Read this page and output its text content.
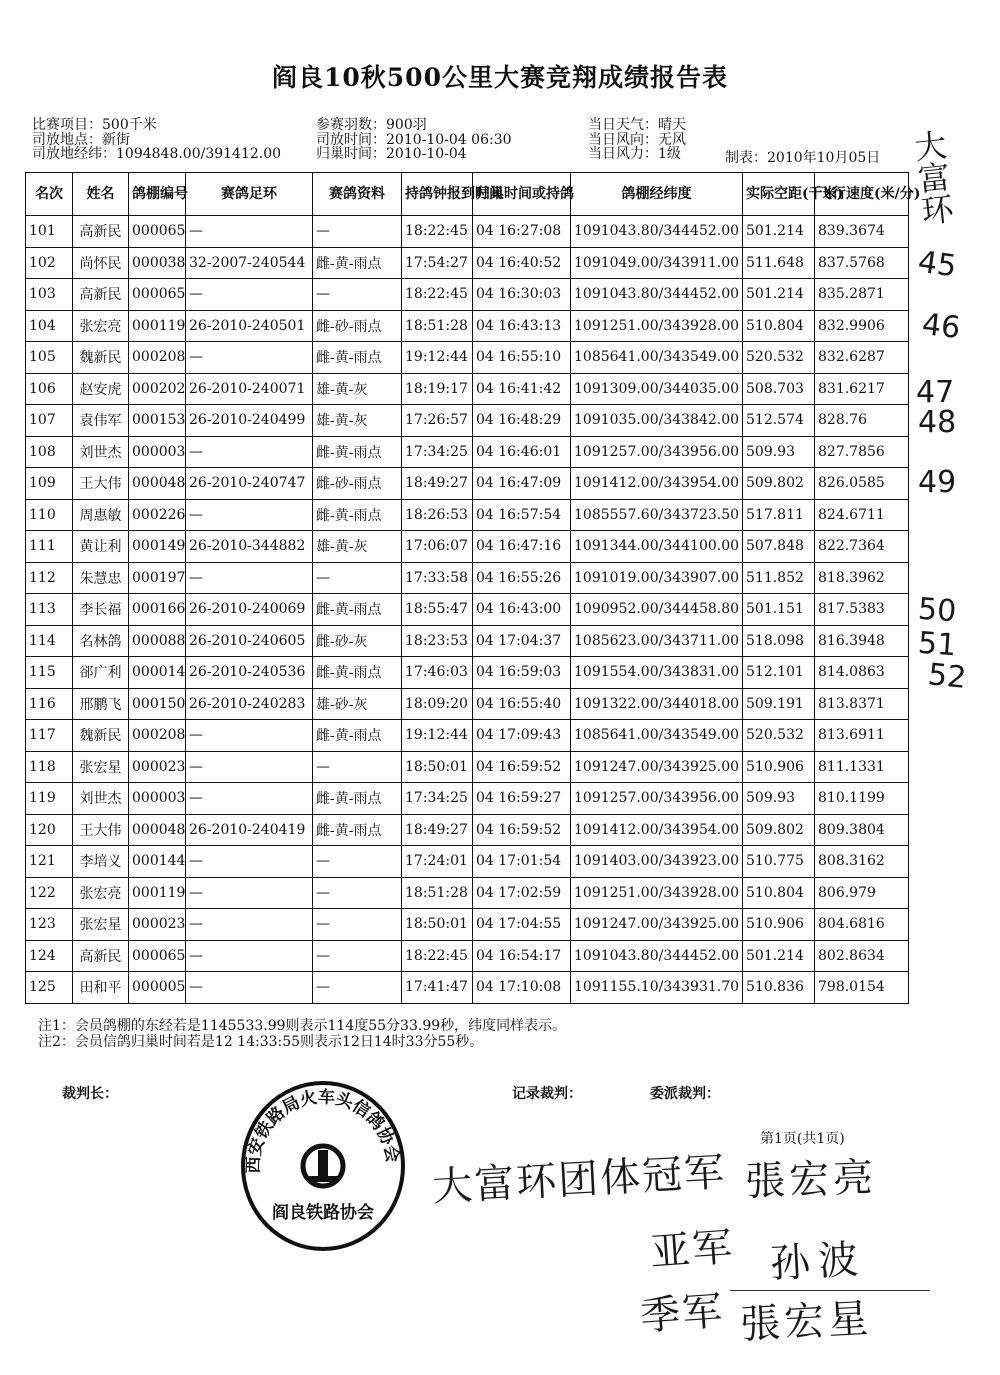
阎良10秋500公里大赛竞翔成绩报告表
比赛项目：500千米
司放地点：新街
司放地经纬：1094848.00/391412.00
参赛羽数：900羽
司放时间：2010-10-04 06:30
归巢时间：2010-10-04
当日天气：晴天
当日风向：无风
当日风力：1级	制表：2010年10月05日
名次	姓名	鸽棚编号	赛鸽足环	赛鸽资料	持鸽钟报到时间	归巢时间或持鸽	鸽棚经纬度	实际空距(千米)	飞行速度(米/分)
101	高新民	000065	—	—	18:22:45	04 16:27:08	1091043.80/344452.00	501.214	839.3674
102	尚怀民	000038	32-2007-240544	雌-黄-雨点	17:54:27	04 16:40:52	1091049.00/343911.00	511.648	837.5768
103	高新民	000065	—	—	18:22:45	04 16:30:03	1091043.80/344452.00	501.214	835.2871
104	张宏亮	000119	26-2010-240501	雌-砂-雨点	18:51:28	04 16:43:13	1091251.00/343928.00	510.804	832.9906
105	魏新民	000208	—	雌-黄-雨点	19:12:44	04 16:55:10	1085641.00/343549.00	520.532	832.6287
106	赵安虎	000202	26-2010-240071	雄-黄-灰	18:19:17	04 16:41:42	1091309.00/344035.00	508.703	831.6217
107	袁伟军	000153	26-2010-240499	雄-黄-灰	17:26:57	04 16:48:29	1091035.00/343842.00	512.574	828.76
108	刘世杰	000003	—	雌-黄-雨点	17:34:25	04 16:46:01	1091257.00/343956.00	509.93	827.7856
109	王大伟	000048	26-2010-240747	雌-砂-雨点	18:49:27	04 16:47:09	1091412.00/343954.00	509.802	826.0585
110	周惠敏	000226	—	雌-黄-雨点	18:26:53	04 16:57:54	1085557.60/343723.50	517.811	824.6711
111	黄让利	000149	26-2010-344882	雄-黄-灰	17:06:07	04 16:47:16	1091344.00/344100.00	507.848	822.7364
112	朱慧忠	000197	—	—	17:33:58	04 16:55:26	1091019.00/343907.00	511.852	818.3962
113	李长福	000166	26-2010-240069	雌-黄-雨点	18:55:47	04 16:43:00	1090952.00/344458.80	501.151	817.5383
114	名林鸽	000088	26-2010-240605	雌-砂-灰	18:23:53	04 17:04:37	1085623.00/343711.00	518.098	816.3948
115	郤广利	000014	26-2010-240536	雌-黄-雨点	17:46:03	04 16:59:03	1091554.00/343831.00	512.101	814.0863
116	邢鹏飞	000150	26-2010-240283	雄-砂-灰	18:09:20	04 16:55:40	1091322.00/344018.00	509.191	813.8371
117	魏新民	000208	—	雌-黄-雨点	19:12:44	04 17:09:43	1085641.00/343549.00	520.532	813.6911
118	张宏星	000023	—	—	18:50:01	04 16:59:52	1091247.00/343925.00	510.906	811.1331
119	刘世杰	000003	—	雌-黄-雨点	17:34:25	04 16:59:27	1091257.00/343956.00	509.93	810.1199
120	王大伟	000048	26-2010-240419	雌-黄-雨点	18:49:27	04 16:59:52	1091412.00/343954.00	509.802	809.3804
121	李培义	000144	—	—	17:24:01	04 17:01:54	1091403.00/343923.00	510.775	808.3162
122	张宏亮	000119	—	—	18:51:28	04 17:02:59	1091251.00/343928.00	510.804	806.979
123	张宏星	000023	—	—	18:50:01	04 17:04:55	1091247.00/343925.00	510.906	804.6816
124	高新民	000065	—	—	18:22:45	04 16:54:17	1091043.80/344452.00	501.214	802.8634
125	田和平	000005	—	—	17:41:47	04 17:10:08	1091155.10/343931.70	510.836	798.0154
注1：会员鸽棚的东经若是1145533.99则表示114度55分33.99秒，纬度同样表示。
注2：会员信鸽归巢时间若是12 14:33:55则表示12日14时33分55秒。
裁判长：	记录裁判：	委派裁判：
第1页(共1页)
西安铁路局火车头信鸽协会
阎良铁路协会
大富环团体冠军 張宏亮
亚军 孙波
季军 張宏星
大富环
45
46
47
48
49
50
51
52
